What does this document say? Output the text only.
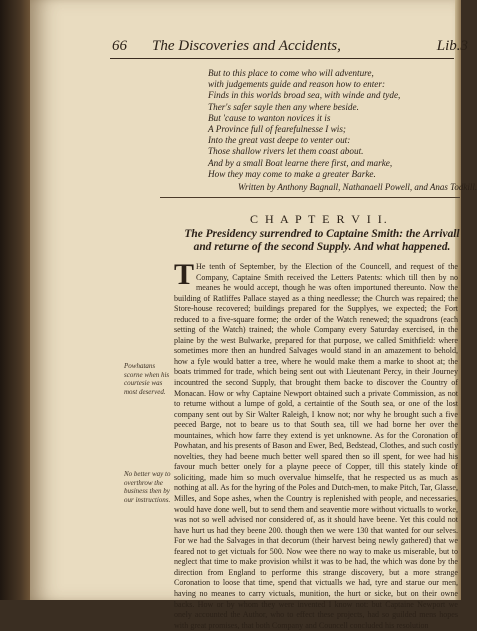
66 The Discoveries and Accidents,	Lib.3
But to this place to come who will adventure,
with judgements guide and reason how to enter:
Finds in this worlds broad sea, with winde and tyde,
Ther's safer sayle then any where beside.
But 'cause to wanton novices it is
A Province full of fearefulnesse I wis;
Into the great vast deepe to venter out:
Those shallow rivers let them coast about.
And by a small Boat learne there first, and marke,
How they may come to make a greater Barke.
Written by Anthony Bagnall, Nathanaell Powell, and Anas Todkill.
C H A P T E R V I I.
The Presidency surrendred to Captaine Smith: the Arrivall and returne of the second Supply. And what happened.
Powhatans scorne when his courtesie was most deserved.
No better way to overthrow the business then by our instructions.
T He tenth of September, by the Election of the Councell, and request of the Company, Captaine Smith received the Letters Patents: which till then by no meanes he would accept, though he was often importuned thereunto. Now the building of Ratliffes Pallace stayed as a thing needlesse; the Church was repaired; the Store-house recovered; buildings prepared for the Supplyes, we expected; the Fort reduced to a five-square forme; the order of the Watch renewed; the squadrons (each setting of the Watch) trained; the whole Company every Saturday exercised, in the plaine by the west Bulwarke, prepared for that purpose, we called Smithfield: where sometimes more then an hundred Salvages would stand in an amazement to behold, how a fyle would batter a tree, where he would make them a marke to shoot at; the boats trimmed for trade, which being sent out with Lieutenant Percy, in their Journey incountred the second Supply, that brought them backe to discover the Country of Monacan. How or why Captaine Newport obtained such a private Commission, as not to returne without a lumpe of gold, a certaintie of the South sea, or one of the lost company sent out by Sir Walter Raleigh, I know not; nor why he brought such a five peeced Barge, not to beare us to that South sea, till we had borne her over the mountaines, which how farre they extend is yet unknowne. As for the Coronation of Powhatan, and his presents of Bason and Ewer, Bed, Bedstead, Clothes, and such costly novelties, they had beene much better well spared then so ill spent, for wee had his favour much better onely for a playne peece of Copper, till this stately kinde of soliciting, made him so much overvalue himselfe, that he respected us as much as nothing at all. As for the hyring of the Poles and Dutch-men, to make Pitch, Tar, Glasse, Milles, and Sope ashes, when the Country is replenished with people, and necessaries, would have done well, but to send them and seaventie more without victualls to worke, was not so well advised nor considered of, as it should have beene. Yet this could not have hurt us had they beene 200. though then we were 130 that wanted for our selves. For we had the Salvages in that decorum (their harvest being newly gathered) that we feared not to get victuals for 500. Now wee there no way to make us miserable, but to neglect that time to make provision whilst it was to be had, the which was done by the direction from England to performe this strange discovery, but a more strange Coronation to loose that time, spend that victualls we had, tyre and starue our men, having no meanes to carry victuals, munition, the hurt or sicke, but on their owne backs. How or by whom they were invented I know not: but Captaine Newport we onely accounted the Author, who to effect these projects, had so guilded mens hopes with great promises, that both Company and Councell concluded his resolution
